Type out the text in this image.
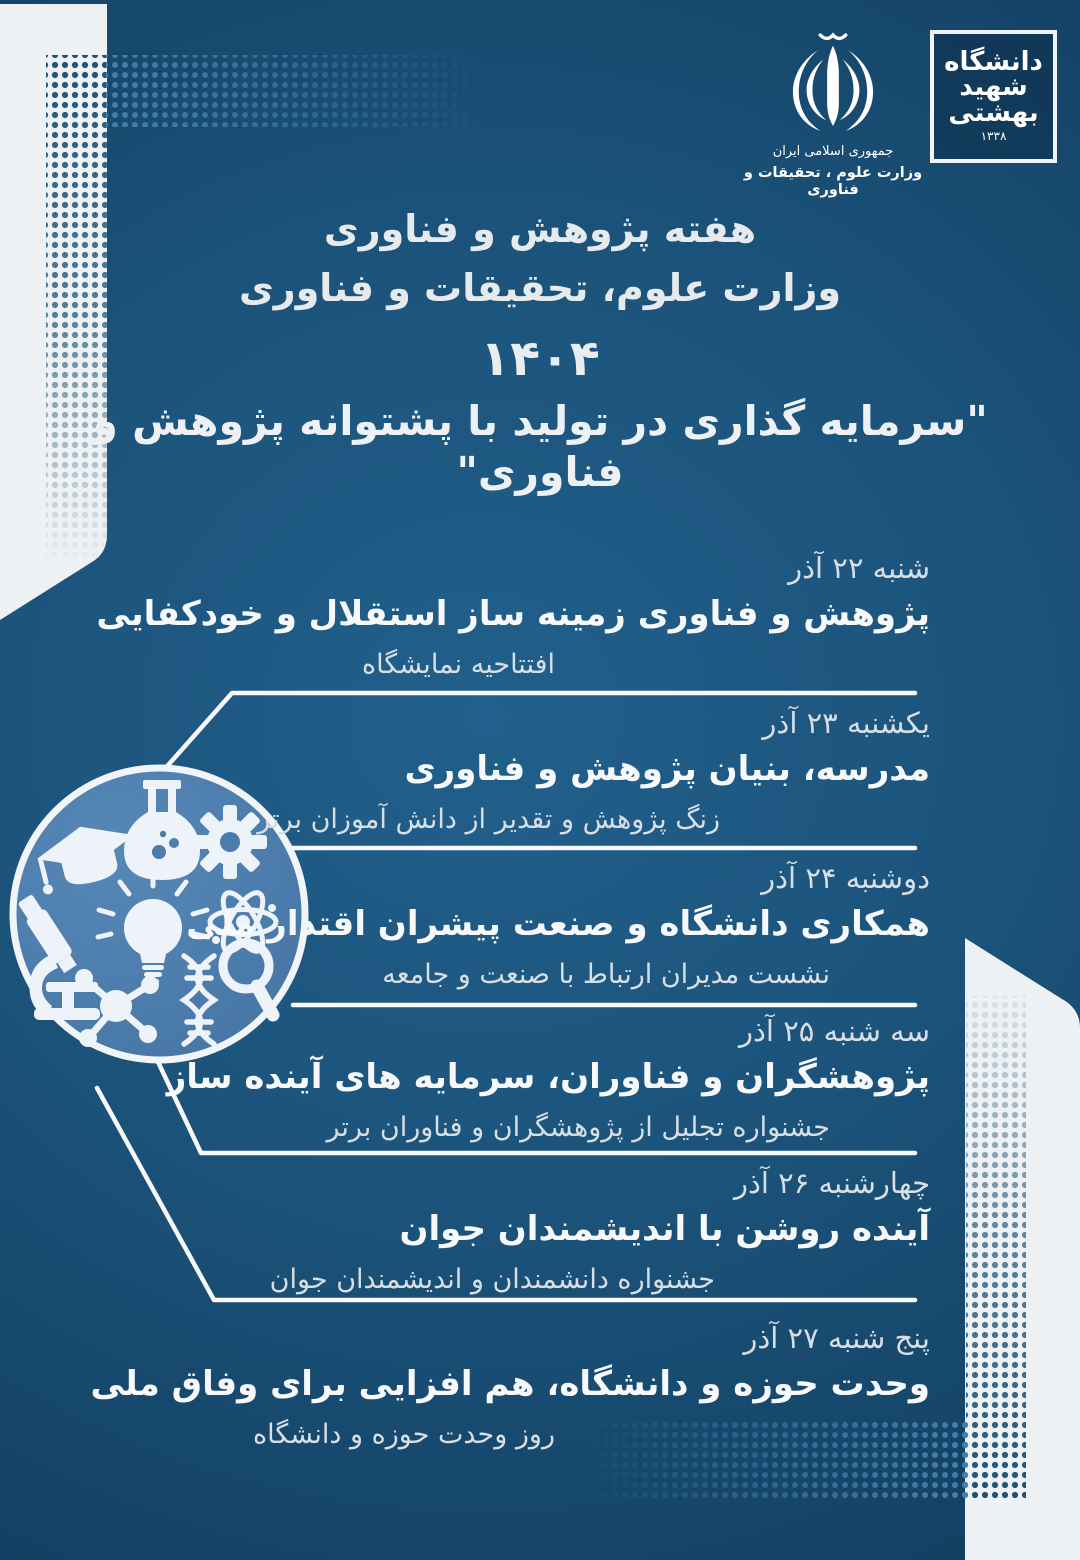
جمهوری اسلامی ایران
وزارت علوم ، تحقیقات و فناوری
دانشگاه
شهید
بهشتی
۱۳۳۸
هفته پژوهش و فناوری
وزارت علوم، تحقیقات و فناوری
۱۴۰۴
"سرمایه گذاری در تولید با پشتوانه پژوهش و فناوری"
شنبه ۲۲ آذر
پژوهش و فناوری زمینه ساز استقلال و خودکفایی
افتتاحیه نمایشگاه
یکشنبه ۲۳ آذر
مدرسه، بنیان پژوهش و فناوری
زنگ پژوهش و تقدیر از دانش آموزان برتر
دوشنبه ۲۴ آذر
همکاری دانشگاه و صنعت پیشران اقتدار ملی
نشست مدیران ارتباط با صنعت و جامعه
سه شنبه ۲۵ آذر
پژوهشگران و فناوران، سرمایه های آینده ساز
جشنواره تجلیل از پژوهشگران و فناوران برتر
چهارشنبه ۲۶ آذر
آینده روشن با اندیشمندان جوان
جشنواره دانشمندان و اندیشمندان جوان
پنج شنبه ۲۷ آذر
وحدت حوزه و دانشگاه، هم افزایی برای وفاق ملی
روز وحدت حوزه و دانشگاه
